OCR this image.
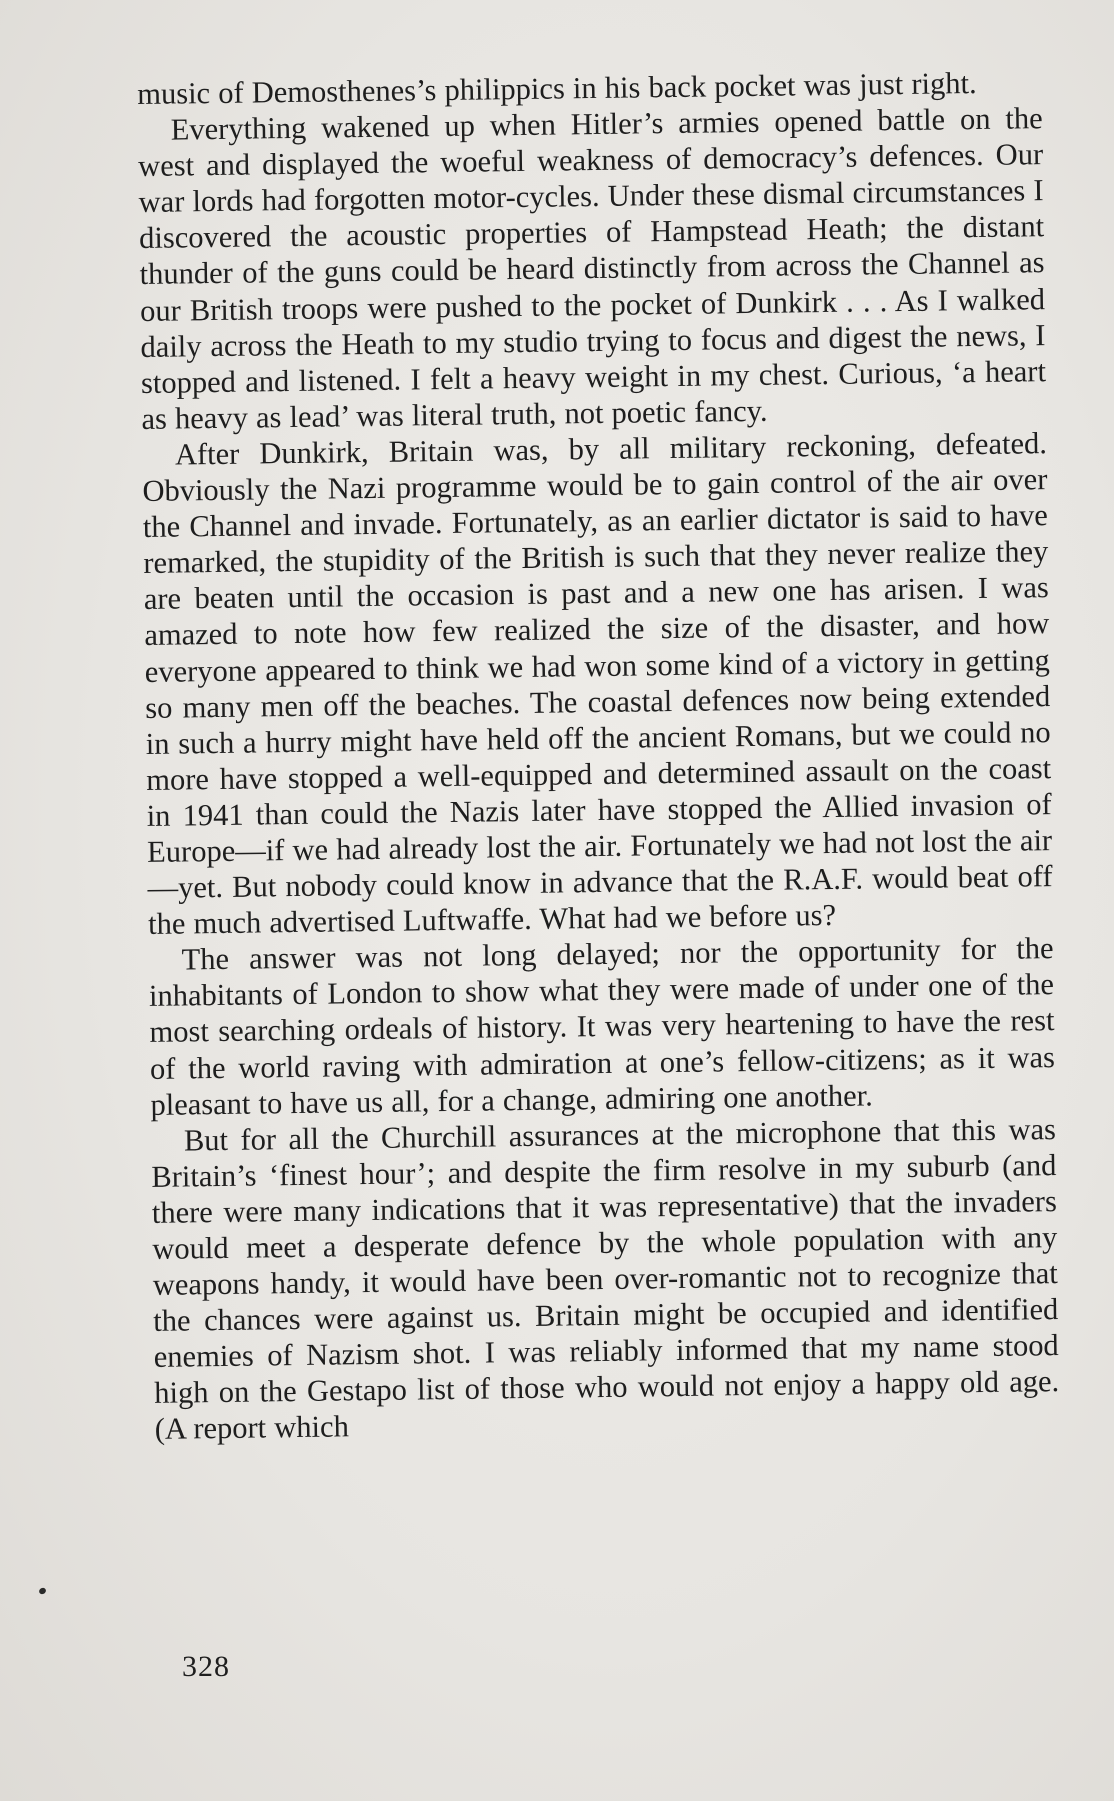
music of Demosthenes’s philippics in his back pocket was just right.

Everything wakened up when Hitler’s armies opened battle on the west and displayed the woeful weakness of democracy’s defences. Our war lords had forgotten motor-cycles. Under these dismal circumstances I discovered the acoustic properties of Hampstead Heath; the distant thunder of the guns could be heard distinctly from across the Channel as our British troops were pushed to the pocket of Dunkirk . . . As I walked daily across the Heath to my studio trying to focus and digest the news, I stopped and listened. I felt a heavy weight in my chest. Curious, ‘a heart as heavy as lead’ was literal truth, not poetic fancy.

After Dunkirk, Britain was, by all military reckoning, defeated. Obviously the Nazi programme would be to gain control of the air over the Channel and invade. Fortunately, as an earlier dictator is said to have remarked, the stupidity of the British is such that they never realize they are beaten until the occasion is past and a new one has arisen. I was amazed to note how few realized the size of the disaster, and how everyone appeared to think we had won some kind of a victory in getting so many men off the beaches. The coastal defences now being extended in such a hurry might have held off the ancient Romans, but we could no more have stopped a well-equipped and determined assault on the coast in 1941 than could the Nazis later have stopped the Allied invasion of Europe—if we had already lost the air. Fortunately we had not lost the air—yet. But nobody could know in advance that the R.A.F. would beat off the much advertised Luftwaffe. What had we before us?

The answer was not long delayed; nor the opportunity for the inhabitants of London to show what they were made of under one of the most searching ordeals of history. It was very heartening to have the rest of the world raving with admiration at one’s fellow-citizens; as it was pleasant to have us all, for a change, admiring one another.

But for all the Churchill assurances at the microphone that this was Britain’s ‘finest hour’; and despite the firm resolve in my suburb (and there were many indications that it was representative) that the invaders would meet a desperate defence by the whole population with any weapons handy, it would have been over-romantic not to recognize that the chances were against us. Britain might be occupied and identified enemies of Nazism shot. I was reliably informed that my name stood high on the Gestapo list of those who would not enjoy a happy old age. (A report which

328
